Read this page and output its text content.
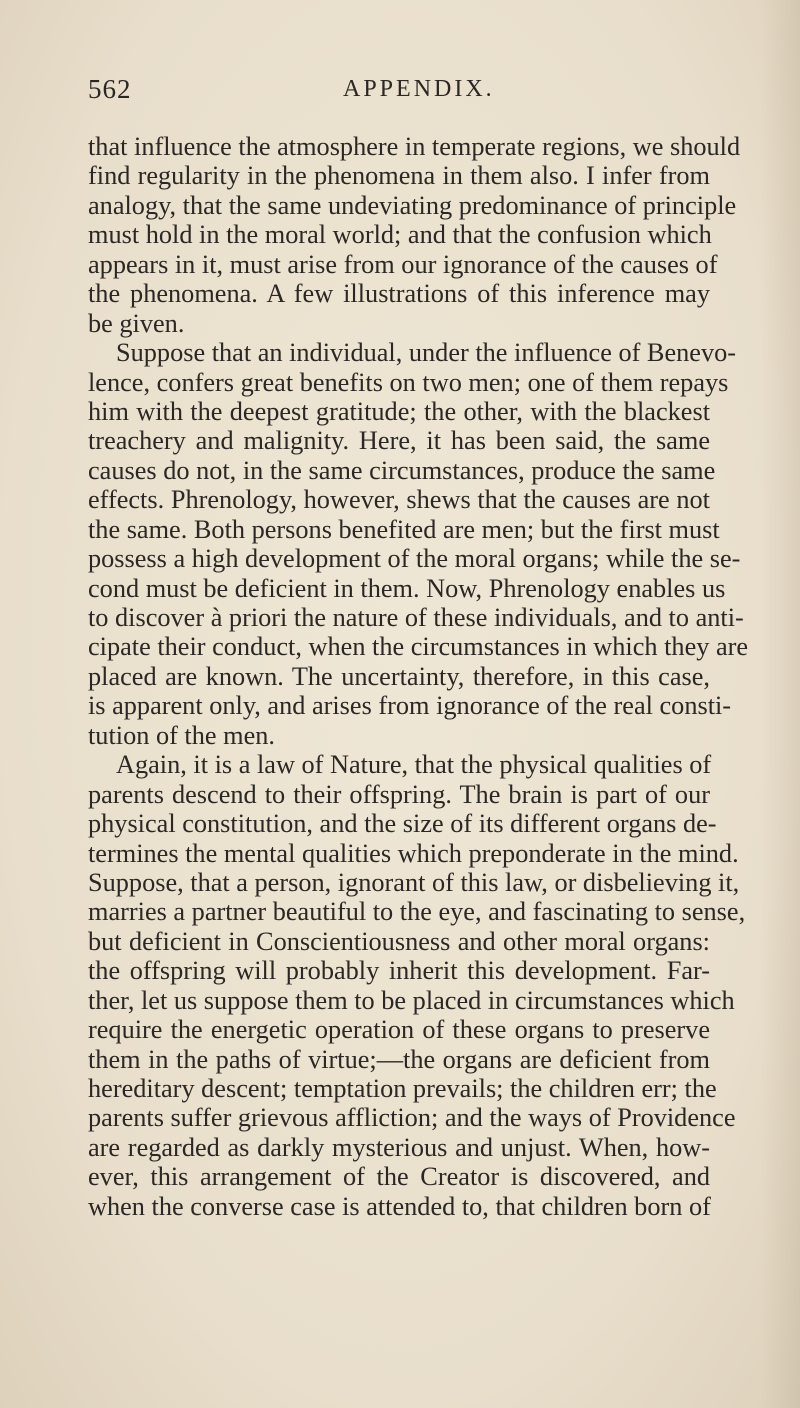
562	APPENDIX.
that influence the atmosphere in temperate regions, we should
find regularity in the phenomena in them also. I infer from
analogy, that the same undeviating predominance of principle
must hold in the moral world; and that the confusion which
appears in it, must arise from our ignorance of the causes of
the phenomena. A few illustrations of this inference may
be given.
Suppose that an individual, under the influence of Benevo-
lence, confers great benefits on two men; one of them repays
him with the deepest gratitude; the other, with the blackest
treachery and malignity. Here, it has been said, the same
causes do not, in the same circumstances, produce the same
effects. Phrenology, however, shews that the causes are not
the same. Both persons benefited are men; but the first must
possess a high development of the moral organs; while the se-
cond must be deficient in them. Now, Phrenology enables us
to discover à priori the nature of these individuals, and to anti-
cipate their conduct, when the circumstances in which they are
placed are known. The uncertainty, therefore, in this case,
is apparent only, and arises from ignorance of the real consti-
tution of the men.
Again, it is a law of Nature, that the physical qualities of
parents descend to their offspring. The brain is part of our
physical constitution, and the size of its different organs de-
termines the mental qualities which preponderate in the mind.
Suppose, that a person, ignorant of this law, or disbelieving it,
marries a partner beautiful to the eye, and fascinating to sense,
but deficient in Conscientiousness and other moral organs:
the offspring will probably inherit this development. Far-
ther, let us suppose them to be placed in circumstances which
require the energetic operation of these organs to preserve
them in the paths of virtue;—the organs are deficient from
hereditary descent; temptation prevails; the children err; the
parents suffer grievous affliction; and the ways of Providence
are regarded as darkly mysterious and unjust. When, how-
ever, this arrangement of the Creator is discovered, and
when the converse case is attended to, that children born of
